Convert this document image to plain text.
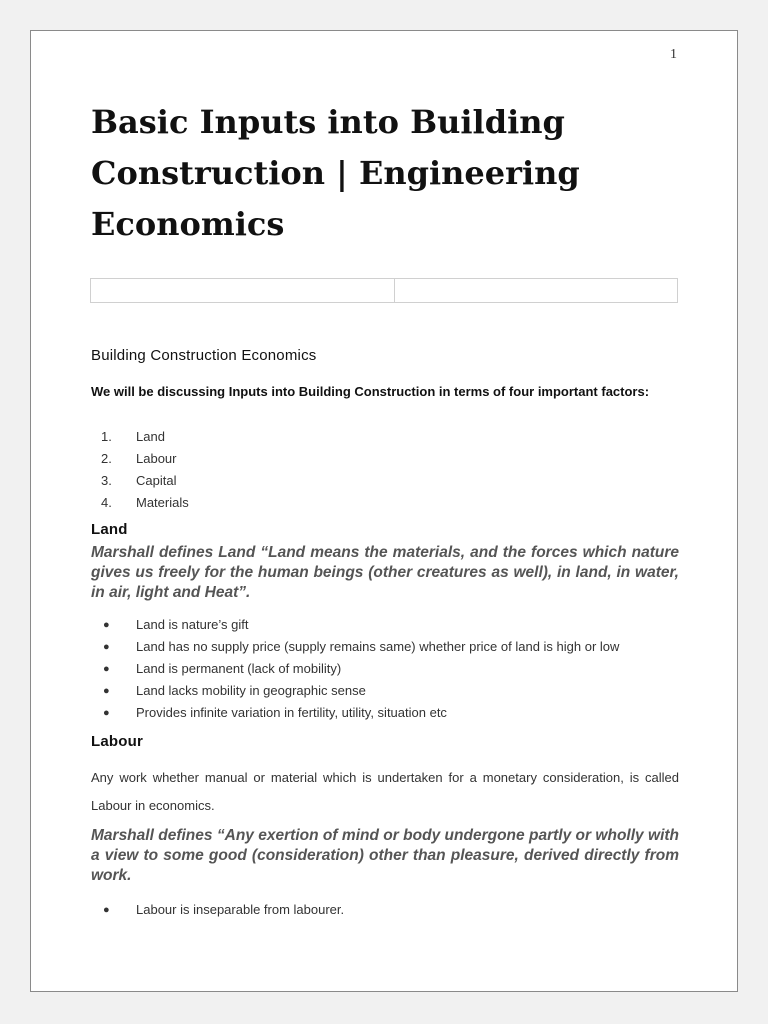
1
Basic Inputs into Building Construction | Engineering Economics
Building Construction Economics

We will be discussing Inputs into Building Construction in terms of four important factors:

1. Land
2. Labour
3. Capital
4. Materials
Land

Marshall defines Land “Land means the materials, and the forces which nature gives us freely for the human beings (other creatures as well), in land, in water, in air, light and Heat”.

● Land is nature’s gift
● Land has no supply price (supply remains same) whether price of land is high or low
● Land is permanent (lack of mobility)
● Land lacks mobility in geographic sense
● Provides infinite variation in fertility, utility, situation etc
Labour

Any work whether manual or material which is undertaken for a monetary consideration, is called Labour in economics.

Marshall defines “Any exertion of mind or body undergone partly or wholly with a view to some good (consideration) other than pleasure, derived directly from work.

● Labour is inseparable from labourer.
